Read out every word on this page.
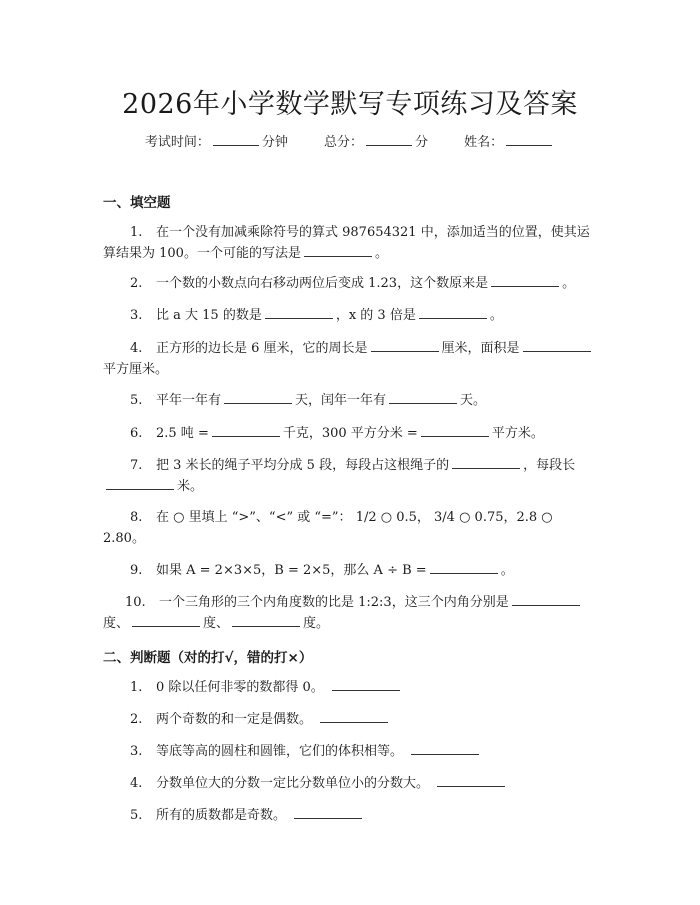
2026年小学数学默写专项练习及答案
考试时间：	分钟	总分：	分	姓名：
一、填空题
1. 在一个没有加减乘除符号的算式 987654321 中，添加适当的位置，使其运算结果为 100。一个可能的写法是	。
2. 一个数的小数点向右移动两位后变成 1.23，这个数原来是	。
3. 比 a 大 15 的数是	，x 的 3 倍是	。
4. 正方形的边长是 6 厘米，它的周长是	厘米，面积是平方厘米。
5. 平年一年有	天，闰年一年有	天。
6. 2.5 吨 =	千克，300 平方分米 =	平方米。
7. 把 3 米长的绳子平均分成 5 段，每段占这根绳子的	，每段长米。
8. 在 ○ 里填上 “>”、“<” 或 “=”： 1/2 ○ 0.5， 3/4 ○ 0.75，2.8 ○ 2.80。
9. 如果 A = 2×3×5，B = 2×5，那么 A ÷ B =	。
10. 一个三角形的三个内角度数的比是 1:2:3，这三个内角分别是度、	度、	度。
二、判断题（对的打√，错的打×）
1. 0 除以任何非零的数都得 0。
2. 两个奇数的和一定是偶数。
3. 等底等高的圆柱和圆锥，它们的体积相等。
4. 分数单位大的分数一定比分数单位小的分数大。
5. 所有的质数都是奇数。
